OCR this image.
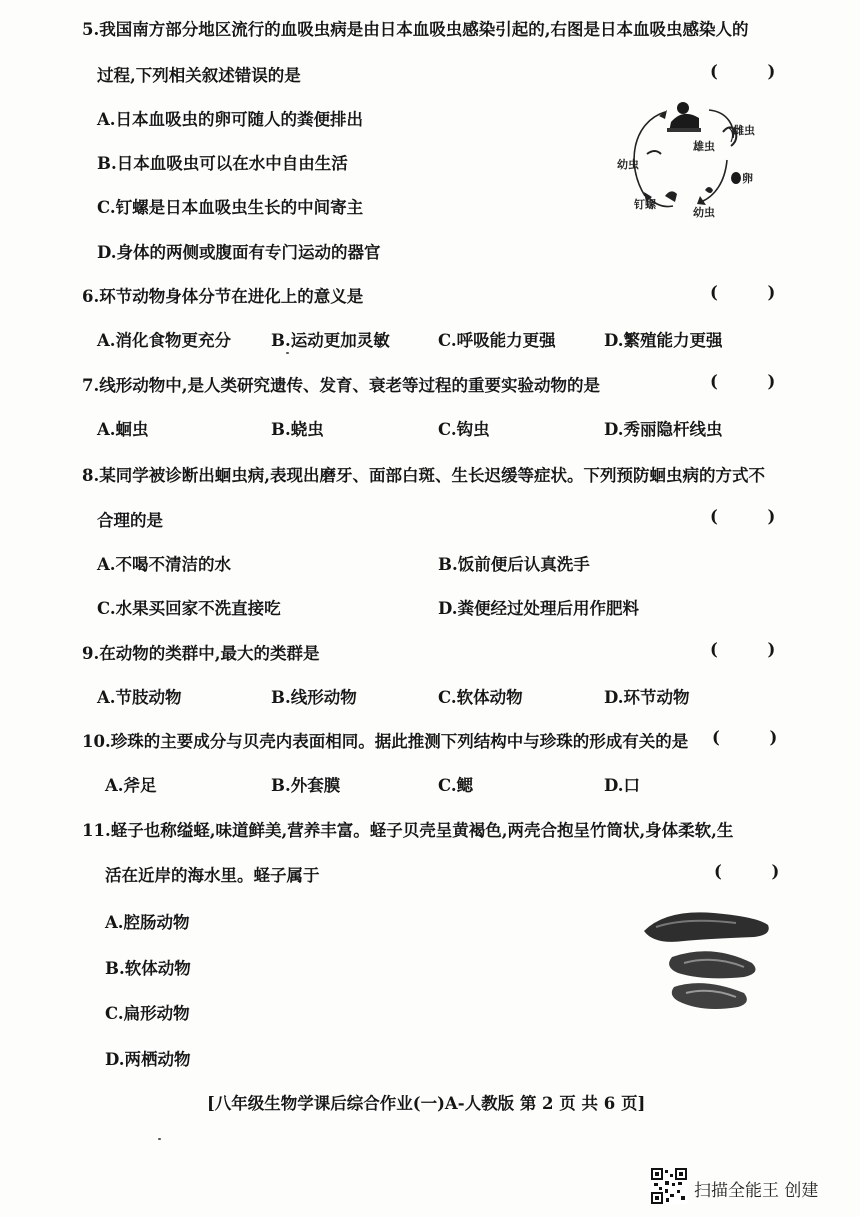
5.我国南方部分地区流行的血吸虫病是由日本血吸虫感染引起的,右图是日本血吸虫感染人的
过程,下列相关叙述错误的是	( )
A.日本血吸虫的卵可随人的粪便排出
B.日本血吸虫可以在水中自由生活
C.钉螺是日本血吸虫生长的中间寄主
D.身体的两侧或腹面有专门运动的器官
雌虫
雄虫
卵
幼虫
钉螺
幼虫
6.环节动物身体分节在进化上的意义是	( )
A.消化食物更充分	B.运动更加灵敏	C.呼吸能力更强	D.繁殖能力更强
7.线形动物中,是人类研究遗传、发育、衰老等过程的重要实验动物的是	( )
A.蛔虫	B.蛲虫	C.钩虫	D.秀丽隐杆线虫
8.某同学被诊断出蛔虫病,表现出磨牙、面部白斑、生长迟缓等症状。下列预防蛔虫病的方式不
合理的是	( )
A.不喝不清洁的水	B.饭前便后认真洗手
C.水果买回家不洗直接吃	D.粪便经过处理后用作肥料
9.在动物的类群中,最大的类群是	( )
A.节肢动物	B.线形动物	C.软体动物	D.环节动物
10.珍珠的主要成分与贝壳内表面相同。据此推测下列结构中与珍珠的形成有关的是	( )
A.斧足	B.外套膜	C.鳃	D.口
11.蛏子也称缢蛏,味道鲜美,营养丰富。蛏子贝壳呈黄褐色,两壳合抱呈竹筒状,身体柔软,生
活在近岸的海水里。蛏子属于	( )
A.腔肠动物
B.软体动物
C.扁形动物
D.两栖动物
[八年级生物学课后综合作业(一)A-人教版 第 2 页 共 6 页]
扫描全能王 创建
